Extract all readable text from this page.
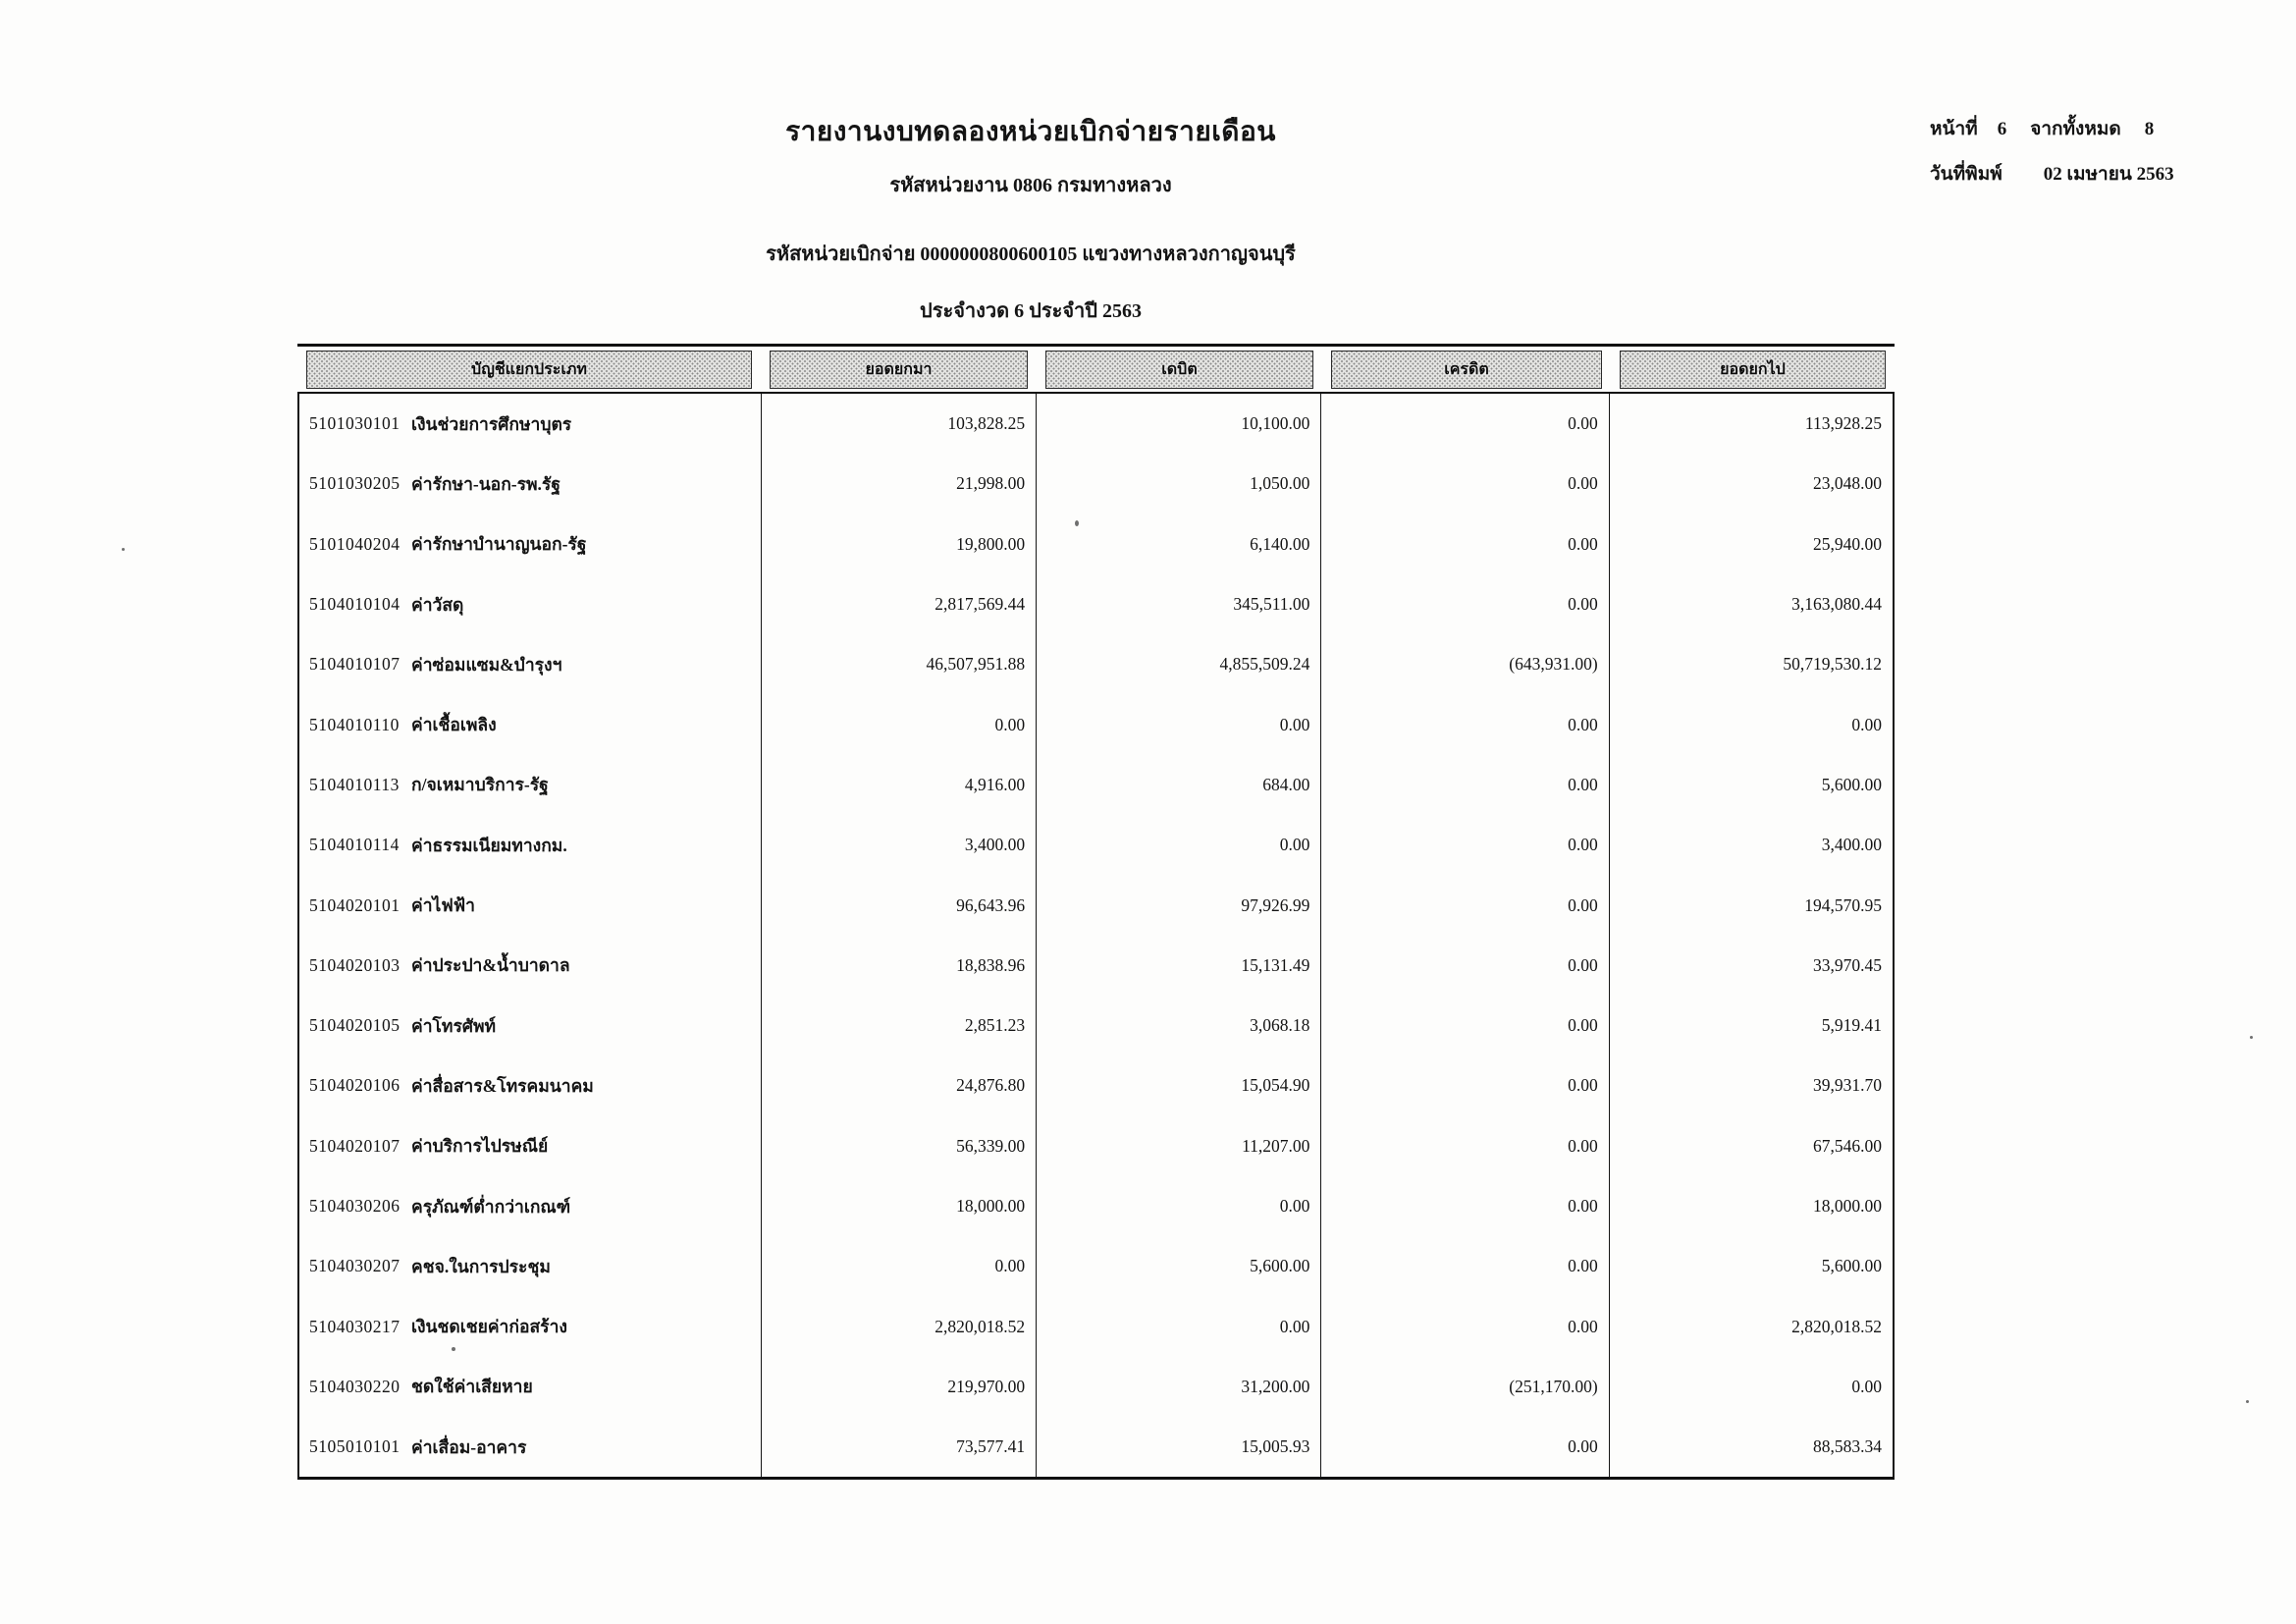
รายงานงบทดลองหน่วยเบิกจ่ายรายเดือน
รหัสหน่วยงาน 0806 กรมทางหลวง
รหัสหน่วยเบิกจ่าย 0000000800600105 แขวงทางหลวงกาญจนบุรี
ประจำงวด 6 ประจำปี 2563
หน้าที่ 6 จากทั้งหมด 8
วันที่พิมพ์ 02 เมษายน 2563
บัญชีแยกประเภท	ยอดยกมา	เดบิต	เครดิต	ยอดยกไป
5101030101 เงินช่วยการศึกษาบุตร	103,828.25	10,100.00	0.00	113,928.25
5101030205 ค่ารักษา-นอก-รพ.รัฐ	21,998.00	1,050.00	0.00	23,048.00
5101040204 ค่ารักษาบำนาญนอก-รัฐ	19,800.00	6,140.00	0.00	25,940.00
5104010104 ค่าวัสดุ	2,817,569.44	345,511.00	0.00	3,163,080.44
5104010107 ค่าซ่อมแซม&บำรุงฯ	46,507,951.88	4,855,509.24	(643,931.00)	50,719,530.12
5104010110 ค่าเชื้อเพลิง	0.00	0.00	0.00	0.00
5104010113 ก/จเหมาบริการ-รัฐ	4,916.00	684.00	0.00	5,600.00
5104010114 ค่าธรรมเนียมทางกม.	3,400.00	0.00	0.00	3,400.00
5104020101 ค่าไฟฟ้า	96,643.96	97,926.99	0.00	194,570.95
5104020103 ค่าประปา&น้ำบาดาล	18,838.96	15,131.49	0.00	33,970.45
5104020105 ค่าโทรศัพท์	2,851.23	3,068.18	0.00	5,919.41
5104020106 ค่าสื่อสาร&โทรคมนาคม	24,876.80	15,054.90	0.00	39,931.70
5104020107 ค่าบริการไปรษณีย์	56,339.00	11,207.00	0.00	67,546.00
5104030206 ครุภัณฑ์ต่ำกว่าเกณฑ์	18,000.00	0.00	0.00	18,000.00
5104030207 คชจ.ในการประชุม	0.00	5,600.00	0.00	5,600.00
5104030217 เงินชดเชยค่าก่อสร้าง	2,820,018.52	0.00	0.00	2,820,018.52
5104030220 ชดใช้ค่าเสียหาย	219,970.00	31,200.00	(251,170.00)	0.00
5105010101 ค่าเสื่อม-อาคาร	73,577.41	15,005.93	0.00	88,583.34
